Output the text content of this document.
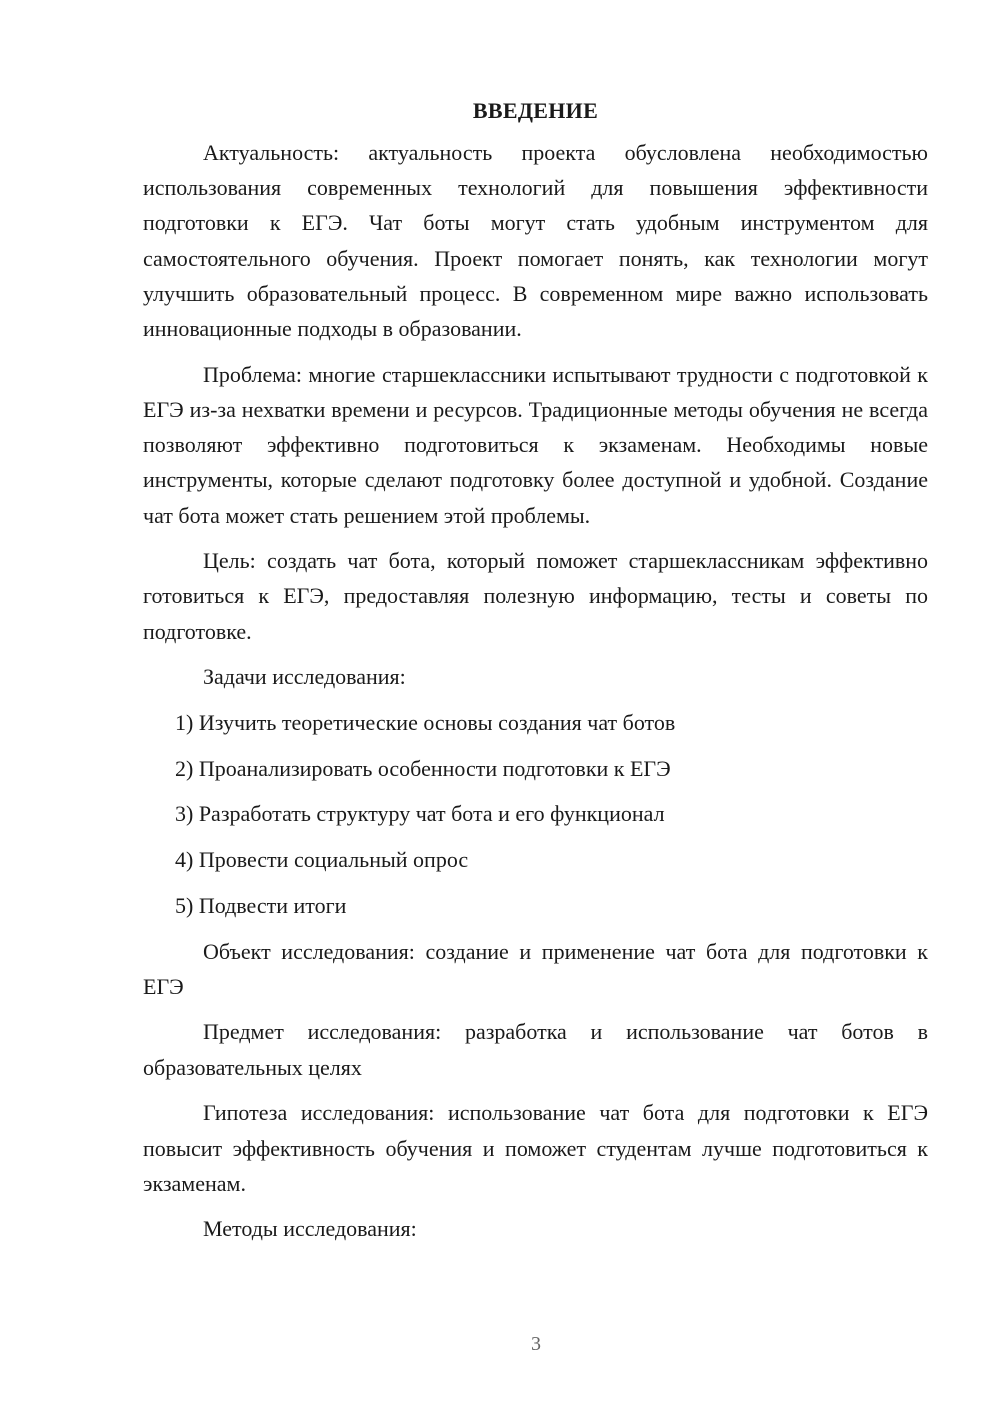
ВВЕДЕНИЕ

Актуальность: актуальность проекта обусловлена необходимостью использования современных технологий для повышения эффективности подготовки к ЕГЭ. Чат боты могут стать удобным инструментом для самостоятельного обучения. Проект помогает понять, как технологии могут улучшить образовательный процесс. В современном мире важно использовать инновационные подходы в образовании.

Проблема: многие старшеклассники испытывают трудности с подготовкой к ЕГЭ из-за нехватки времени и ресурсов. Традиционные методы обучения не всегда позволяют эффективно подготовиться к экзаменам. Необходимы новые инструменты, которые сделают подготовку более доступной и удобной. Создание чат бота может стать решением этой проблемы.

Цель: создать чат бота, который поможет старшеклассникам эффективно готовиться к ЕГЭ, предоставляя полезную информацию, тесты и советы по подготовке.

Задачи исследования:

1) Изучить теоретические основы создания чат ботов
2) Проанализировать особенности подготовки к ЕГЭ
3) Разработать структуру чат бота и его функционал
4) Провести социальный опрос
5) Подвести итоги

Объект исследования: создание и применение чат бота для подготовки к ЕГЭ

Предмет исследования: разработка и использование чат ботов в образовательных целях

Гипотеза исследования: использование чат бота для подготовки к ЕГЭ повысит эффективность обучения и поможет студентам лучше подготовиться к экзаменам.

Методы исследования:

3
